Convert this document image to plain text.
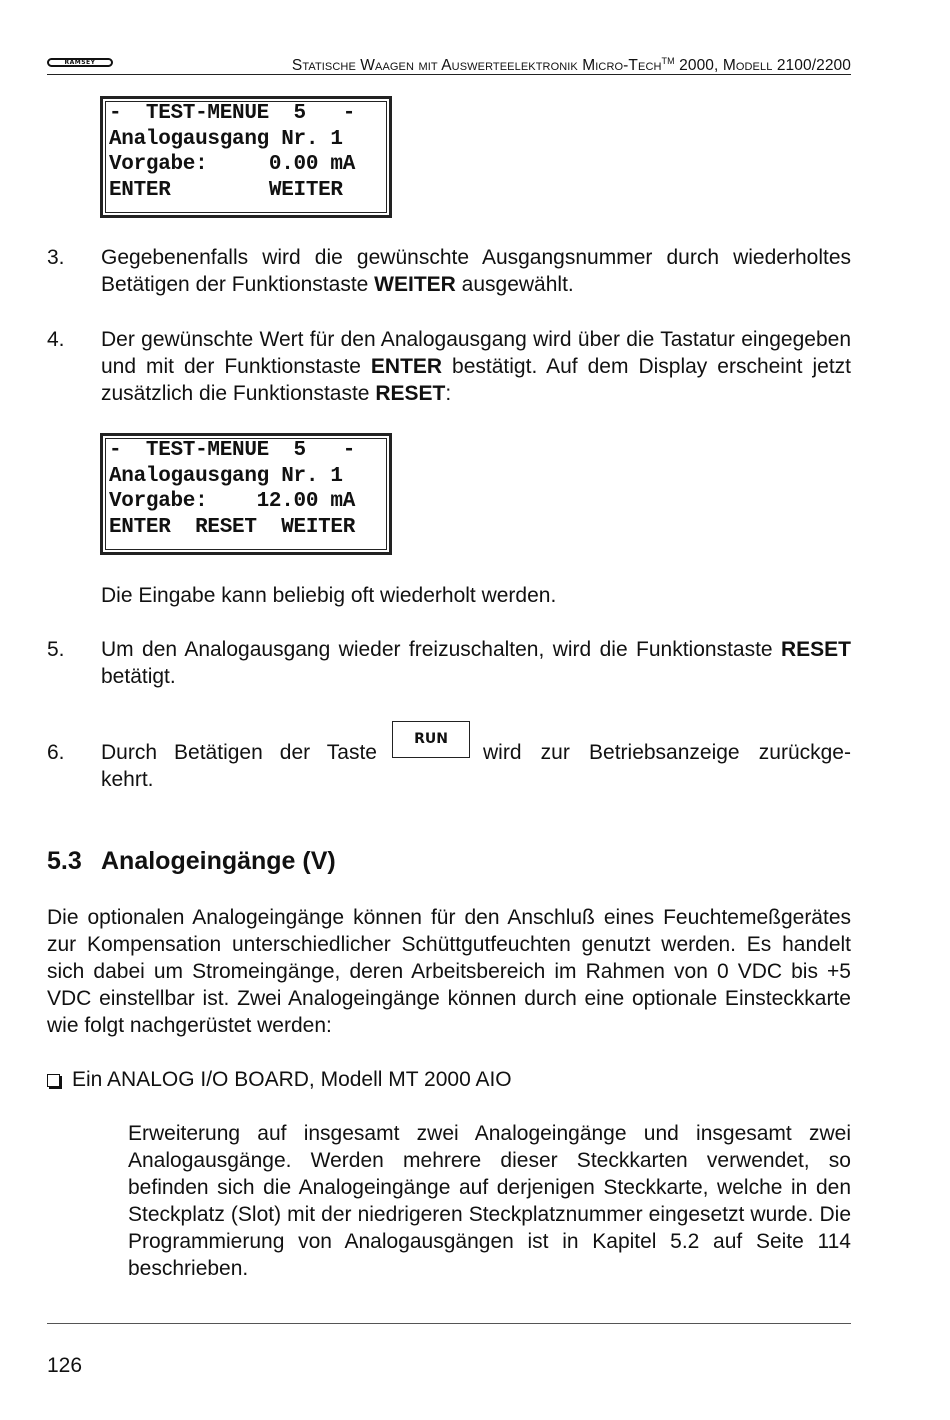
RAMSEY	Statische Waagen mit Auswerteelektronik Micro-Tech™ 2000, Modell 2100/2200
-  TEST-MENUE  5   -
Analogausgang Nr. 1
Vorgabe:     0.00 mA
ENTER        WEITER
3. Gegebenenfalls wird die gewünschte Ausgangsnummer durch wiederholtes Betätigen der Funktionstaste WEITER ausgewählt.
4. Der gewünschte Wert für den Analogausgang wird über die Tastatur eingegeben und mit der Funktionstaste ENTER bestätigt. Auf dem Display erscheint jetzt zusätzlich die Funktionstaste RESET:
-  TEST-MENUE  5   -
Analogausgang Nr. 1
Vorgabe:    12.00 mA
ENTER  RESET  WEITER
Die Eingabe kann beliebig oft wiederholt werden.
5. Um den Analogausgang wieder freizuschalten, wird die Funktionstaste RESET betätigt.
6. Durch Betätigen der Taste
RUN
wird zur Betriebsanzeige zurückgekehrt.
5.3 Analogeingänge (V)
Die optionalen Analogeingänge können für den Anschluß eines Feuchtemeßgerätes zur Kompensation unterschiedlicher Schüttgutfeuchten genutzt werden. Es handelt sich dabei um Stromeingänge, deren Arbeitsbereich im Rahmen von 0 VDC bis +5 VDC einstellbar ist. Zwei Analogeingänge können durch eine optionale Einsteckkarte wie folgt nachgerüstet werden:
Ein ANALOG I/O BOARD, Modell MT 2000 AIO
Erweiterung auf insgesamt zwei Analogeingänge und insgesamt zwei Analogausgänge. Werden mehrere dieser Steckkarten verwendet, so befinden sich die Analogeingänge auf derjenigen Steckkarte, welche in den Steckplatz (Slot) mit der niedrigeren Steckplatznummer eingesetzt wurde. Die Programmierung von Analogausgängen ist in Kapitel 5.2 auf Seite 114 beschrieben.
126
